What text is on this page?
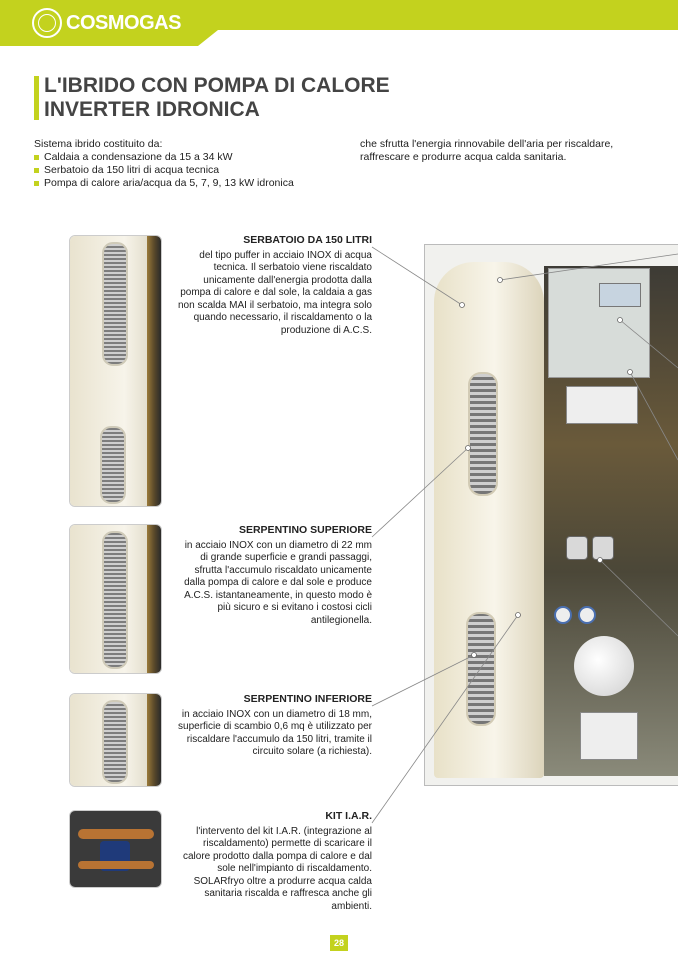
C OSMOGAS
L'IBRIDO CON POMPA DI CALORE
INVERTER IDRONICA
Sistema ibrido costituito da:
Caldaia a condensazione da 15 a 34 kW
Serbatoio da 150 litri di acqua tecnica
Pompa di calore aria/acqua da 5, 7, 9, 13 kW idronica
che sfrutta l'energia rinnovabile dell'aria per riscaldare, raffrescare e produrre acqua calda sanitaria.
SERBATOIO DA 150 LITRI
del tipo puffer in acciaio INOX di acqua tecnica. Il serbatoio viene riscaldato unicamente dall'energia prodotta dalla pompa di calore e dal sole, la caldaia a gas non scalda MAI il serbatoio, ma integra solo quando necessario, il riscaldamento o la produzione di A.C.S.
SERPENTINO SUPERIORE
in acciaio INOX con un diametro di 22 mm di grande superficie e grandi passaggi, sfrutta l'accumulo riscaldato unicamente dalla pompa di calore e dal sole e produce A.C.S. istantaneamente, in questo modo è più sicuro e si evitano i costosi cicli antilegionella.
SERPENTINO INFERIORE
in acciaio INOX con un diametro di 18 mm, superficie di scambio 0,6 mq è utilizzato per riscaldare l'accumulo da 150 litri, tramite il circuito solare (a richiesta).
KIT I.A.R.
l'intervento del kit I.A.R. (integrazione al riscaldamento) permette di scaricare il calore prodotto dalla pompa di calore e dal sole nell'impianto di riscaldamento. SOLARfryo oltre a produrre acqua calda sanitaria riscalda e raffresca anche gli ambienti.
28
